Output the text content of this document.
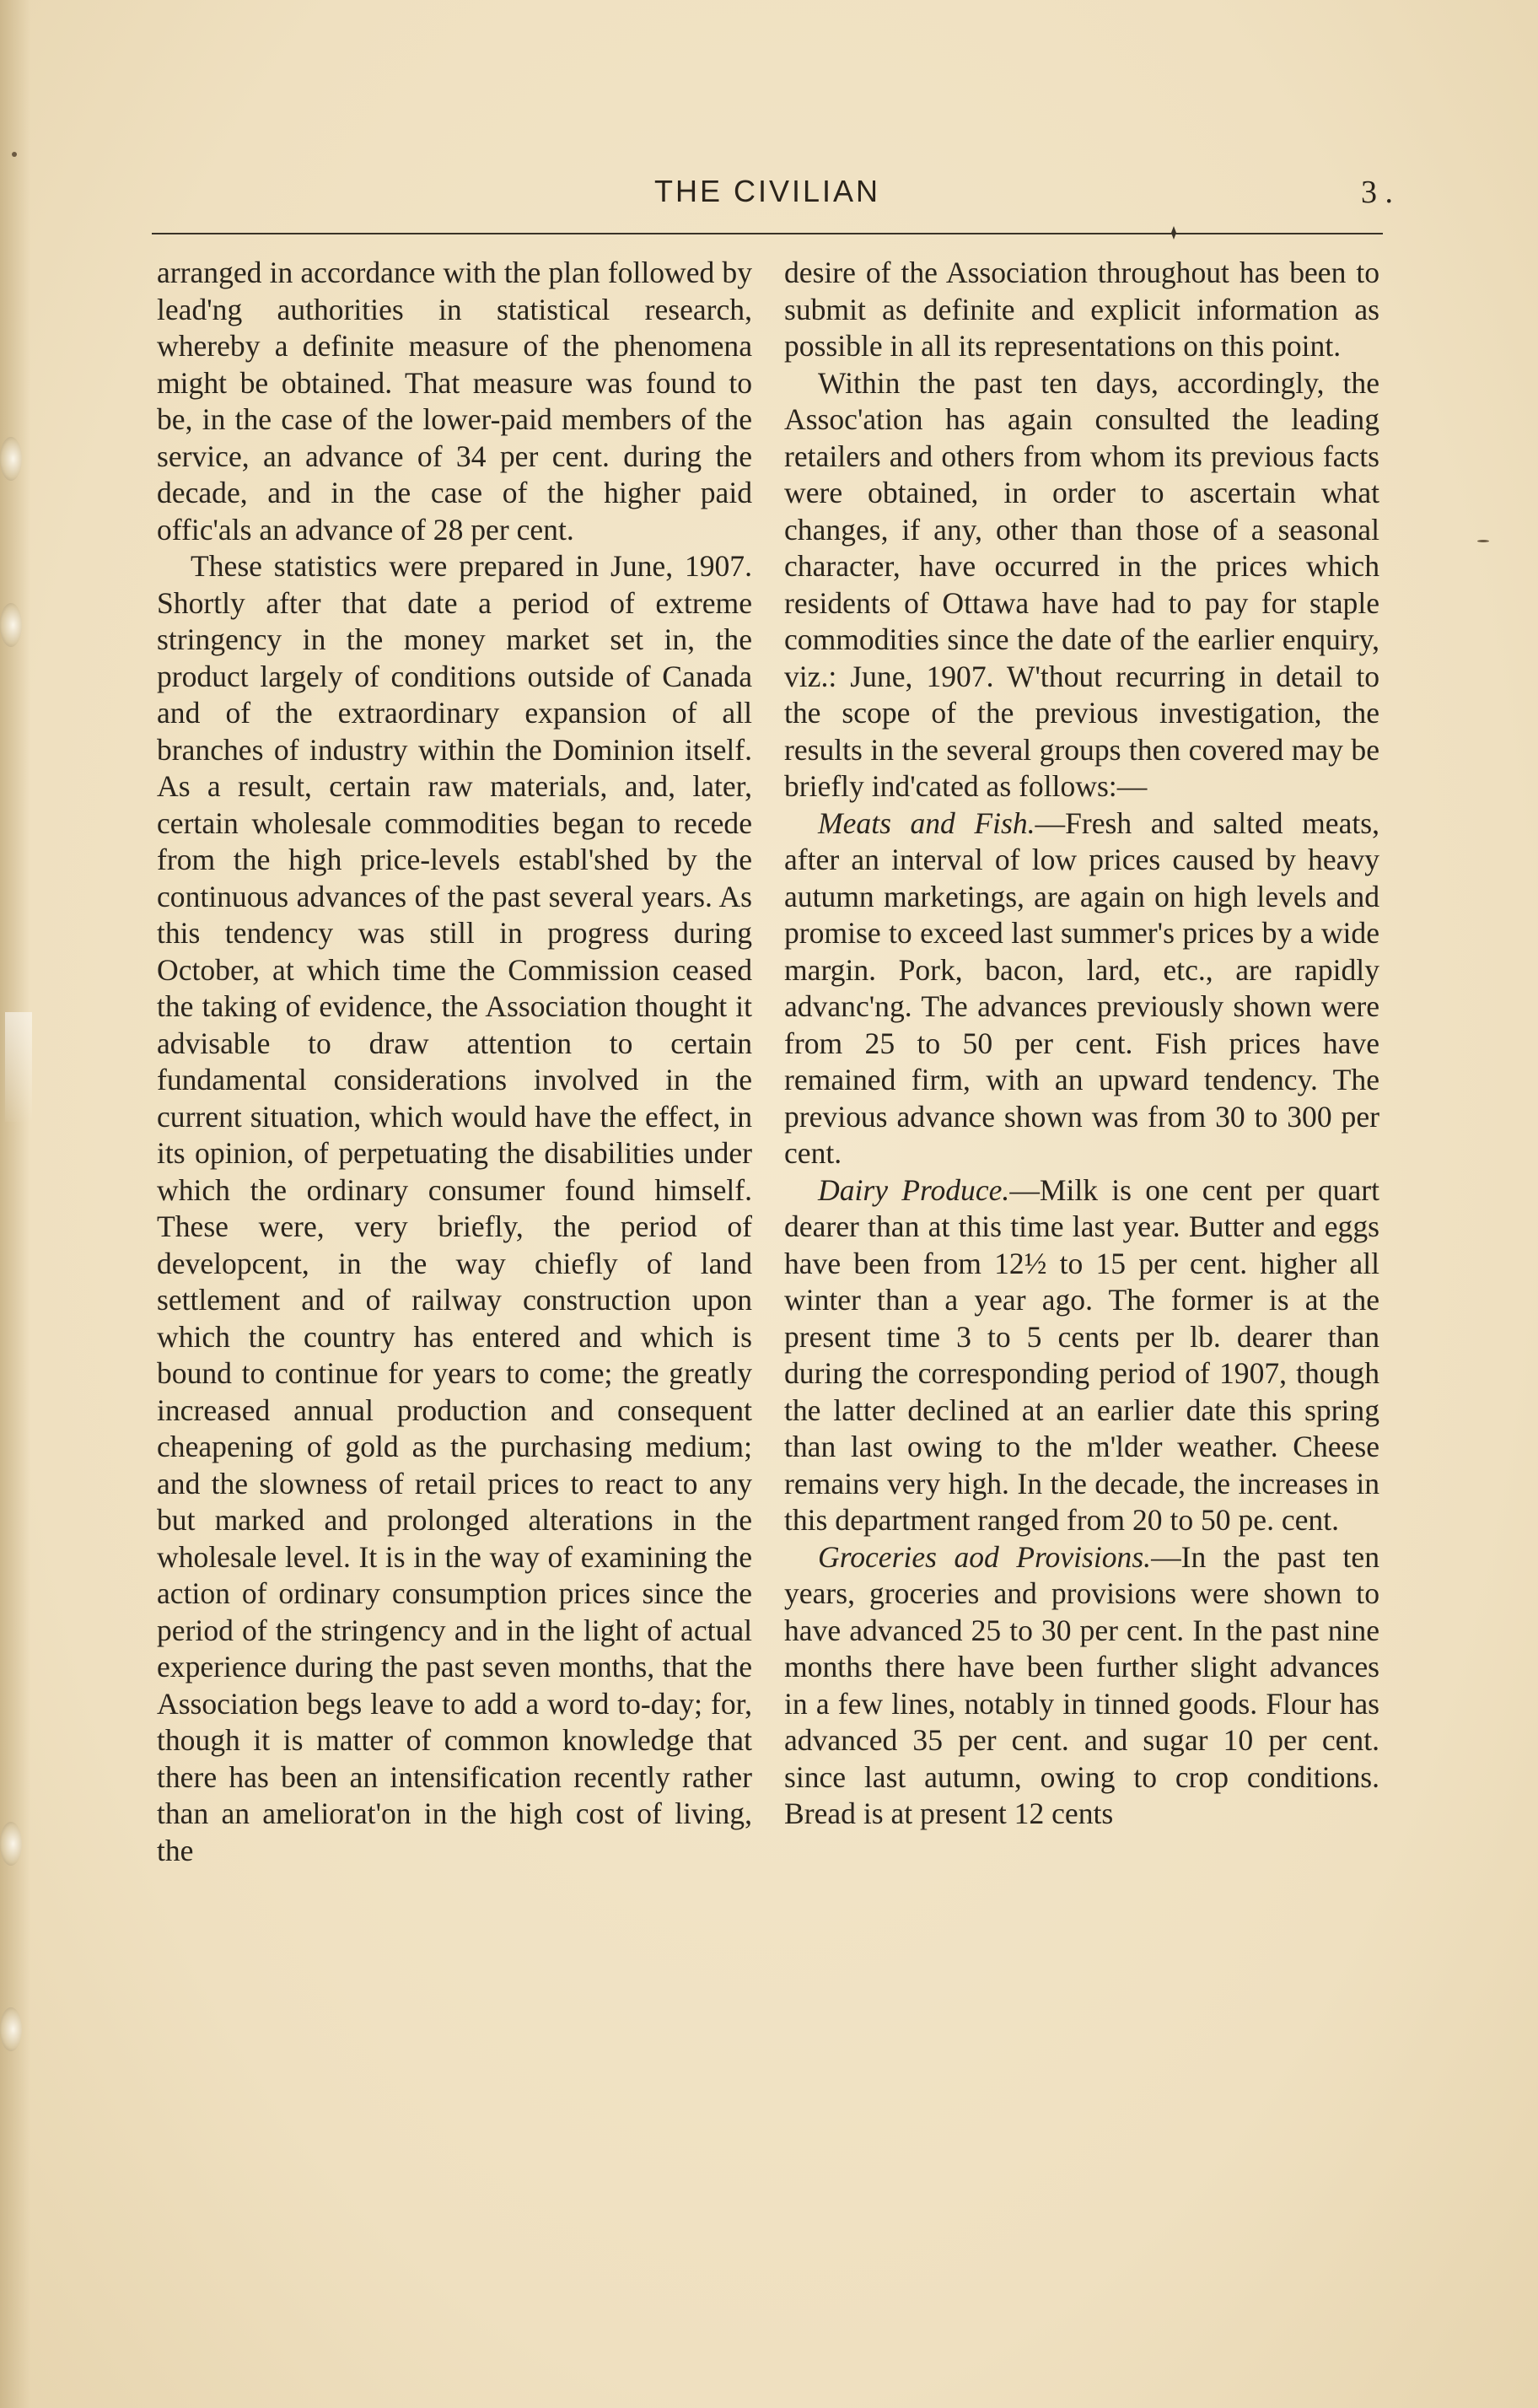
THE CIVILIAN	3 .

arranged in accordance with the plan followed by lead'ng authorities in statistical research, whereby a definite measure of the phenomena might be obtained. That measure was found to be, in the case of the lower-paid members of the service, an advance of 34 per cent. during the decade, and in the case of the higher paid offic'als an advance of 28 per cent.

These statistics were prepared in June, 1907. Shortly after that date a period of extreme stringency in the money market set in, the product largely of conditions outside of Canada and of the extraordinary expansion of all branches of industry within the Dominion itself. As a result, certain raw materials, and, later, certain wholesale commodities began to recede from the high price-levels establ'shed by the continuous advances of the past several years. As this tendency was still in progress during October, at which time the Commission ceased the taking of evidence, the Association thought it advisable to draw attention to certain fundamental considerations involved in the current situation, which would have the effect, in its opinion, of perpetuating the disabilities under which the ordinary consumer found himself. These were, very briefly, the period of developcent, in the way chiefly of land settlement and of railway construction upon which the country has entered and which is bound to continue for years to come; the greatly increased annual production and consequent cheapening of gold as the purchasing medium; and the slowness of retail prices to react to any but marked and prolonged alterations in the wholesale level. It is in the way of examining the action of ordinary consumption prices since the period of the stringency and in the light of actual experience during the past seven months, that the Association begs leave to add a word to-day; for, though it is matter of common knowledge that there has been an intensification recently rather than an ameliorat'on in the high cost of living, the

desire of the Association throughout has been to submit as definite and explicit information as possible in all its representations on this point.

Within the past ten days, accordingly, the Assoc'ation has again consulted the leading retailers and others from whom its previous facts were obtained, in order to ascertain what changes, if any, other than those of a seasonal character, have occurred in the prices which residents of Ottawa have had to pay for staple commodities since the date of the earlier enquiry, viz.: June, 1907. W'thout recurring in detail to the scope of the previous investigation, the results in the several groups then covered may be briefly ind'cated as follows:—

Meats and Fish.—Fresh and salted meats, after an interval of low prices caused by heavy autumn marketings, are again on high levels and promise to exceed last summer's prices by a wide margin. Pork, bacon, lard, etc., are rapidly advanc'ng. The advances previously shown were from 25 to 50 per cent. Fish prices have remained firm, with an upward tendency. The previous advance shown was from 30 to 300 per cent.

Dairy Produce.—Milk is one cent per quart dearer than at this time last year. Butter and eggs have been from 12½ to 15 per cent. higher all winter than a year ago. The former is at the present time 3 to 5 cents per lb. dearer than during the corresponding period of 1907, though the latter declined at an earlier date this spring than last owing to the m'lder weather. Cheese remains very high. In the decade, the increases in this department ranged from 20 to 50 pe. cent.

Groceries aod Provisions.—In the past ten years, groceries and provisions were shown to have advanced 25 to 30 per cent. In the past nine months there have been further slight advances in a few lines, notably in tinned goods. Flour has advanced 35 per cent. and sugar 10 per cent. since last autumn, owing to crop conditions. Bread is at present 12 cents
